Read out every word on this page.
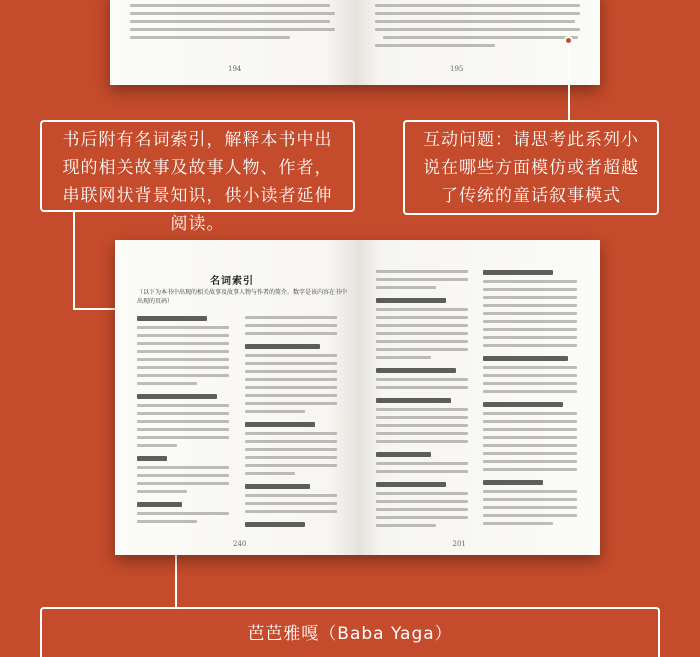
194	195
书后附有名词索引，解释本书中出现的相关故事及故事人物、作者，串联网状背景知识，供小读者延伸阅读。
互动问题：请思考此系列小说在哪些方面模仿或者超越了传统的童话叙事模式
名词索引
（以下为本书中出现的相关故事及故事人物与作者的简介。数字是该内容在书中出现的页码）
240	201
芭芭雅嘎（Baba Yaga）
